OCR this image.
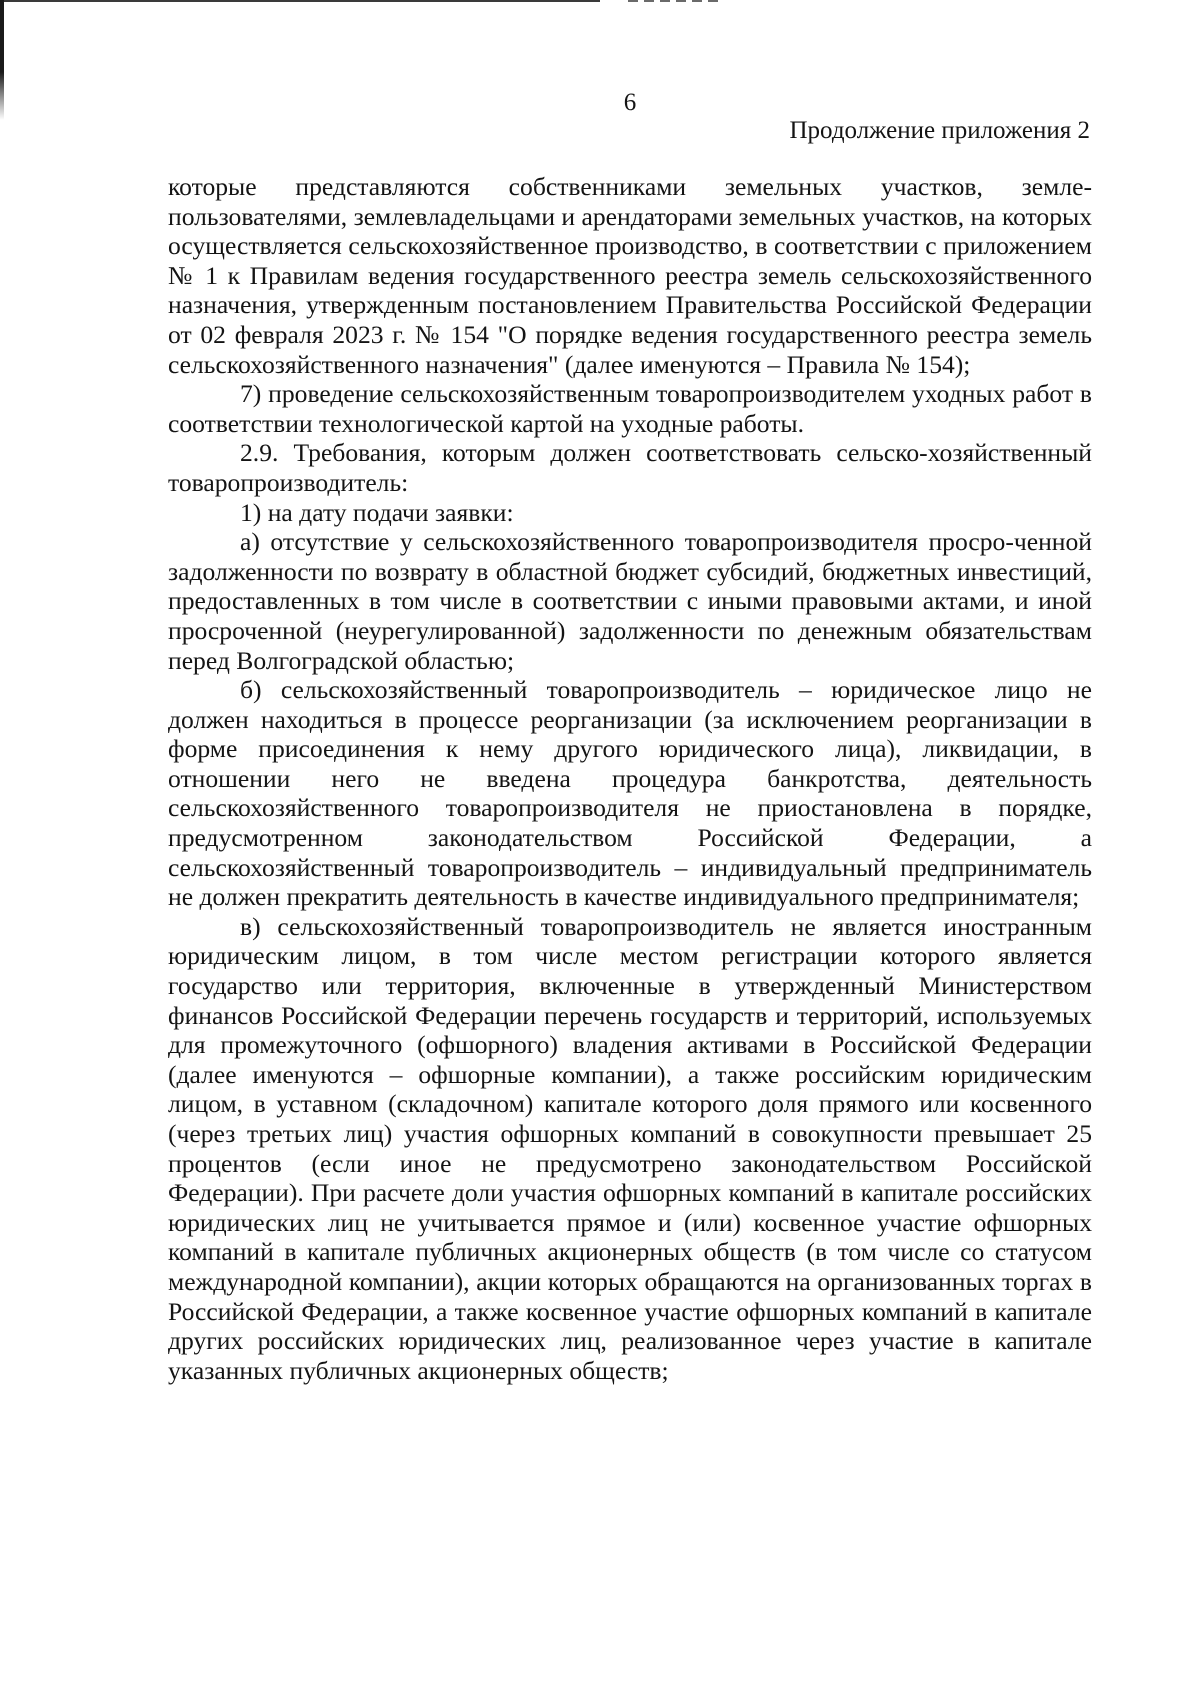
6
Продолжение приложения 2

которые представляются собственниками земельных участков, земле-пользователями, землевладельцами и арендаторами земельных участков, на которых осуществляется сельскохозяйственное производство, в соответствии с приложением № 1 к Правилам ведения государственного реестра земель сельскохозяйственного назначения, утвержденным постановлением Правительства Российской Федерации от 02 февраля 2023 г. № 154 "О порядке ведения государственного реестра земель сельскохозяйственного назначения" (далее именуются – Правила № 154);

7) проведение сельскохозяйственным товаропроизводителем уходных работ в соответствии технологической картой на уходные работы.

2.9. Требования, которым должен соответствовать сельско-хозяйственный товаропроизводитель:

1) на дату подачи заявки:

а) отсутствие у сельскохозяйственного товаропроизводителя просро-ченной задолженности по возврату в областной бюджет субсидий, бюджетных инвестиций, предоставленных в том числе в соответствии с иными правовыми актами, и иной просроченной (неурегулированной) задолженности по денежным обязательствам перед Волгоградской областью;

б) сельскохозяйственный товаропроизводитель – юридическое лицо не должен находиться в процессе реорганизации (за исключением реорганизации в форме присоединения к нему другого юридического лица), ликвидации, в отношении него не введена процедура банкротства, деятельность сельскохозяйственного товаропроизводителя не приостановлена в порядке, предусмотренном законодательством Российской Федерации, а сельскохозяйственный товаропроизводитель – индивидуальный предприниматель не должен прекратить деятельность в качестве индивидуального предпринимателя;

в) сельскохозяйственный товаропроизводитель не является иностранным юридическим лицом, в том числе местом регистрации которого является государство или территория, включенные в утвержденный Министерством финансов Российской Федерации перечень государств и территорий, используемых для промежуточного (офшорного) владения активами в Российской Федерации (далее именуются – офшорные компании), а также российским юридическим лицом, в уставном (складочном) капитале которого доля прямого или косвенного (через третьих лиц) участия офшорных компаний в совокупности превышает 25 процентов (если иное не предусмотрено законодательством Российской Федерации). При расчете доли участия офшорных компаний в капитале российских юридических лиц не учитывается прямое и (или) косвенное участие офшорных компаний в капитале публичных акционерных обществ (в том числе со статусом международной компании), акции которых обращаются на организованных торгах в Российской Федерации, а также косвенное участие офшорных компаний в капитале других российских юридических лиц, реализованное через участие в капитале указанных публичных акционерных обществ;
